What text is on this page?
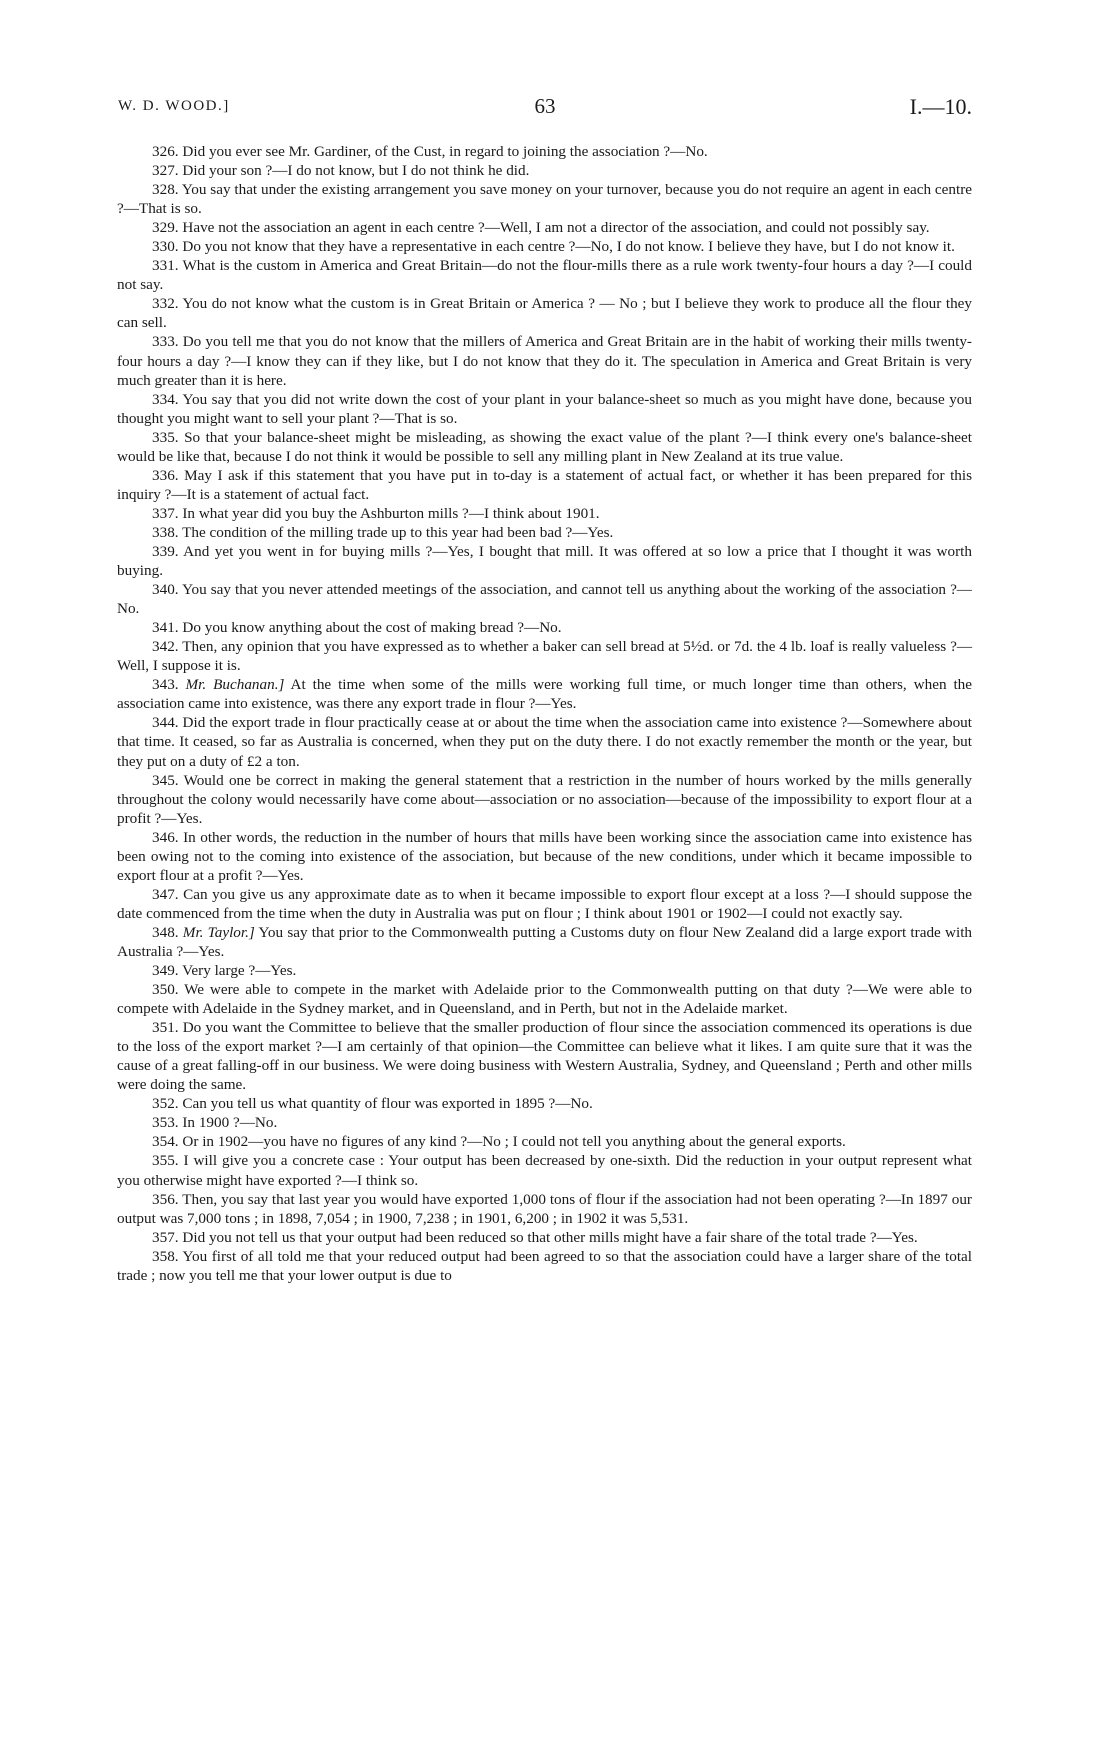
W. D. WOOD.]	63	I.—10.

326. Did you ever see Mr. Gardiner, of the Cust, in regard to joining the association ?—No.

327. Did your son ?—I do not know, but I do not think he did.

328. You say that under the existing arrangement you save money on your turnover, because you do not require an agent in each centre ?—That is so.

329. Have not the association an agent in each centre ?—Well, I am not a director of the association, and could not possibly say.

330. Do you not know that they have a representative in each centre ?—No, I do not know. I believe they have, but I do not know it.

331. What is the custom in America and Great Britain—do not the flour-mills there as a rule work twenty-four hours a day ?—I could not say.

332. You do not know what the custom is in Great Britain or America ? — No ; but I believe they work to produce all the flour they can sell.

333. Do you tell me that you do not know that the millers of America and Great Britain are in the habit of working their mills twenty-four hours a day ?—I know they can if they like, but I do not know that they do it. The speculation in America and Great Britain is very much greater than it is here.

334. You say that you did not write down the cost of your plant in your balance-sheet so much as you might have done, because you thought you might want to sell your plant ?—That is so.

335. So that your balance-sheet might be misleading, as showing the exact value of the plant ?—I think every one's balance-sheet would be like that, because I do not think it would be possible to sell any milling plant in New Zealand at its true value.

336. May I ask if this statement that you have put in to-day is a statement of actual fact, or whether it has been prepared for this inquiry ?—It is a statement of actual fact.

337. In what year did you buy the Ashburton mills ?—I think about 1901.

338. The condition of the milling trade up to this year had been bad ?—Yes.

339. And yet you went in for buying mills ?—Yes, I bought that mill. It was offered at so low a price that I thought it was worth buying.

340. You say that you never attended meetings of the association, and cannot tell us anything about the working of the association ?—No.

341. Do you know anything about the cost of making bread ?—No.

342. Then, any opinion that you have expressed as to whether a baker can sell bread at 5½d. or 7d. the 4 lb. loaf is really valueless ?—Well, I suppose it is.

343. Mr. Buchanan.] At the time when some of the mills were working full time, or much longer time than others, when the association came into existence, was there any export trade in flour ?—Yes.

344. Did the export trade in flour practically cease at or about the time when the association came into existence ?—Somewhere about that time. It ceased, so far as Australia is concerned, when they put on the duty there. I do not exactly remember the month or the year, but they put on a duty of £2 a ton.

345. Would one be correct in making the general statement that a restriction in the number of hours worked by the mills generally throughout the colony would necessarily have come about—association or no association—because of the impossibility to export flour at a profit ?—Yes.

346. In other words, the reduction in the number of hours that mills have been working since the association came into existence has been owing not to the coming into existence of the association, but because of the new conditions, under which it became impossible to export flour at a profit ?—Yes.

347. Can you give us any approximate date as to when it became impossible to export flour except at a loss ?—I should suppose the date commenced from the time when the duty in Australia was put on flour ; I think about 1901 or 1902—I could not exactly say.

348. Mr. Taylor.] You say that prior to the Commonwealth putting a Customs duty on flour New Zealand did a large export trade with Australia ?—Yes.

349. Very large ?—Yes.

350. We were able to compete in the market with Adelaide prior to the Commonwealth putting on that duty ?—We were able to compete with Adelaide in the Sydney market, and in Queensland, and in Perth, but not in the Adelaide market.

351. Do you want the Committee to believe that the smaller production of flour since the association commenced its operations is due to the loss of the export market ?—I am certainly of that opinion—the Committee can believe what it likes. I am quite sure that it was the cause of a great falling-off in our business. We were doing business with Western Australia, Sydney, and Queensland ; Perth and other mills were doing the same.

352. Can you tell us what quantity of flour was exported in 1895 ?—No.

353. In 1900 ?—No.

354. Or in 1902—you have no figures of any kind ?—No ; I could not tell you anything about the general exports.

355. I will give you a concrete case : Your output has been decreased by one-sixth. Did the reduction in your output represent what you otherwise might have exported ?—I think so.

356. Then, you say that last year you would have exported 1,000 tons of flour if the association had not been operating ?—In 1897 our output was 7,000 tons ; in 1898, 7,054 ; in 1900, 7,238 ; in 1901, 6,200 ; in 1902 it was 5,531.

357. Did you not tell us that your output had been reduced so that other mills might have a fair share of the total trade ?—Yes.

358. You first of all told me that your reduced output had been agreed to so that the association could have a larger share of the total trade ; now you tell me that your lower output is due to
